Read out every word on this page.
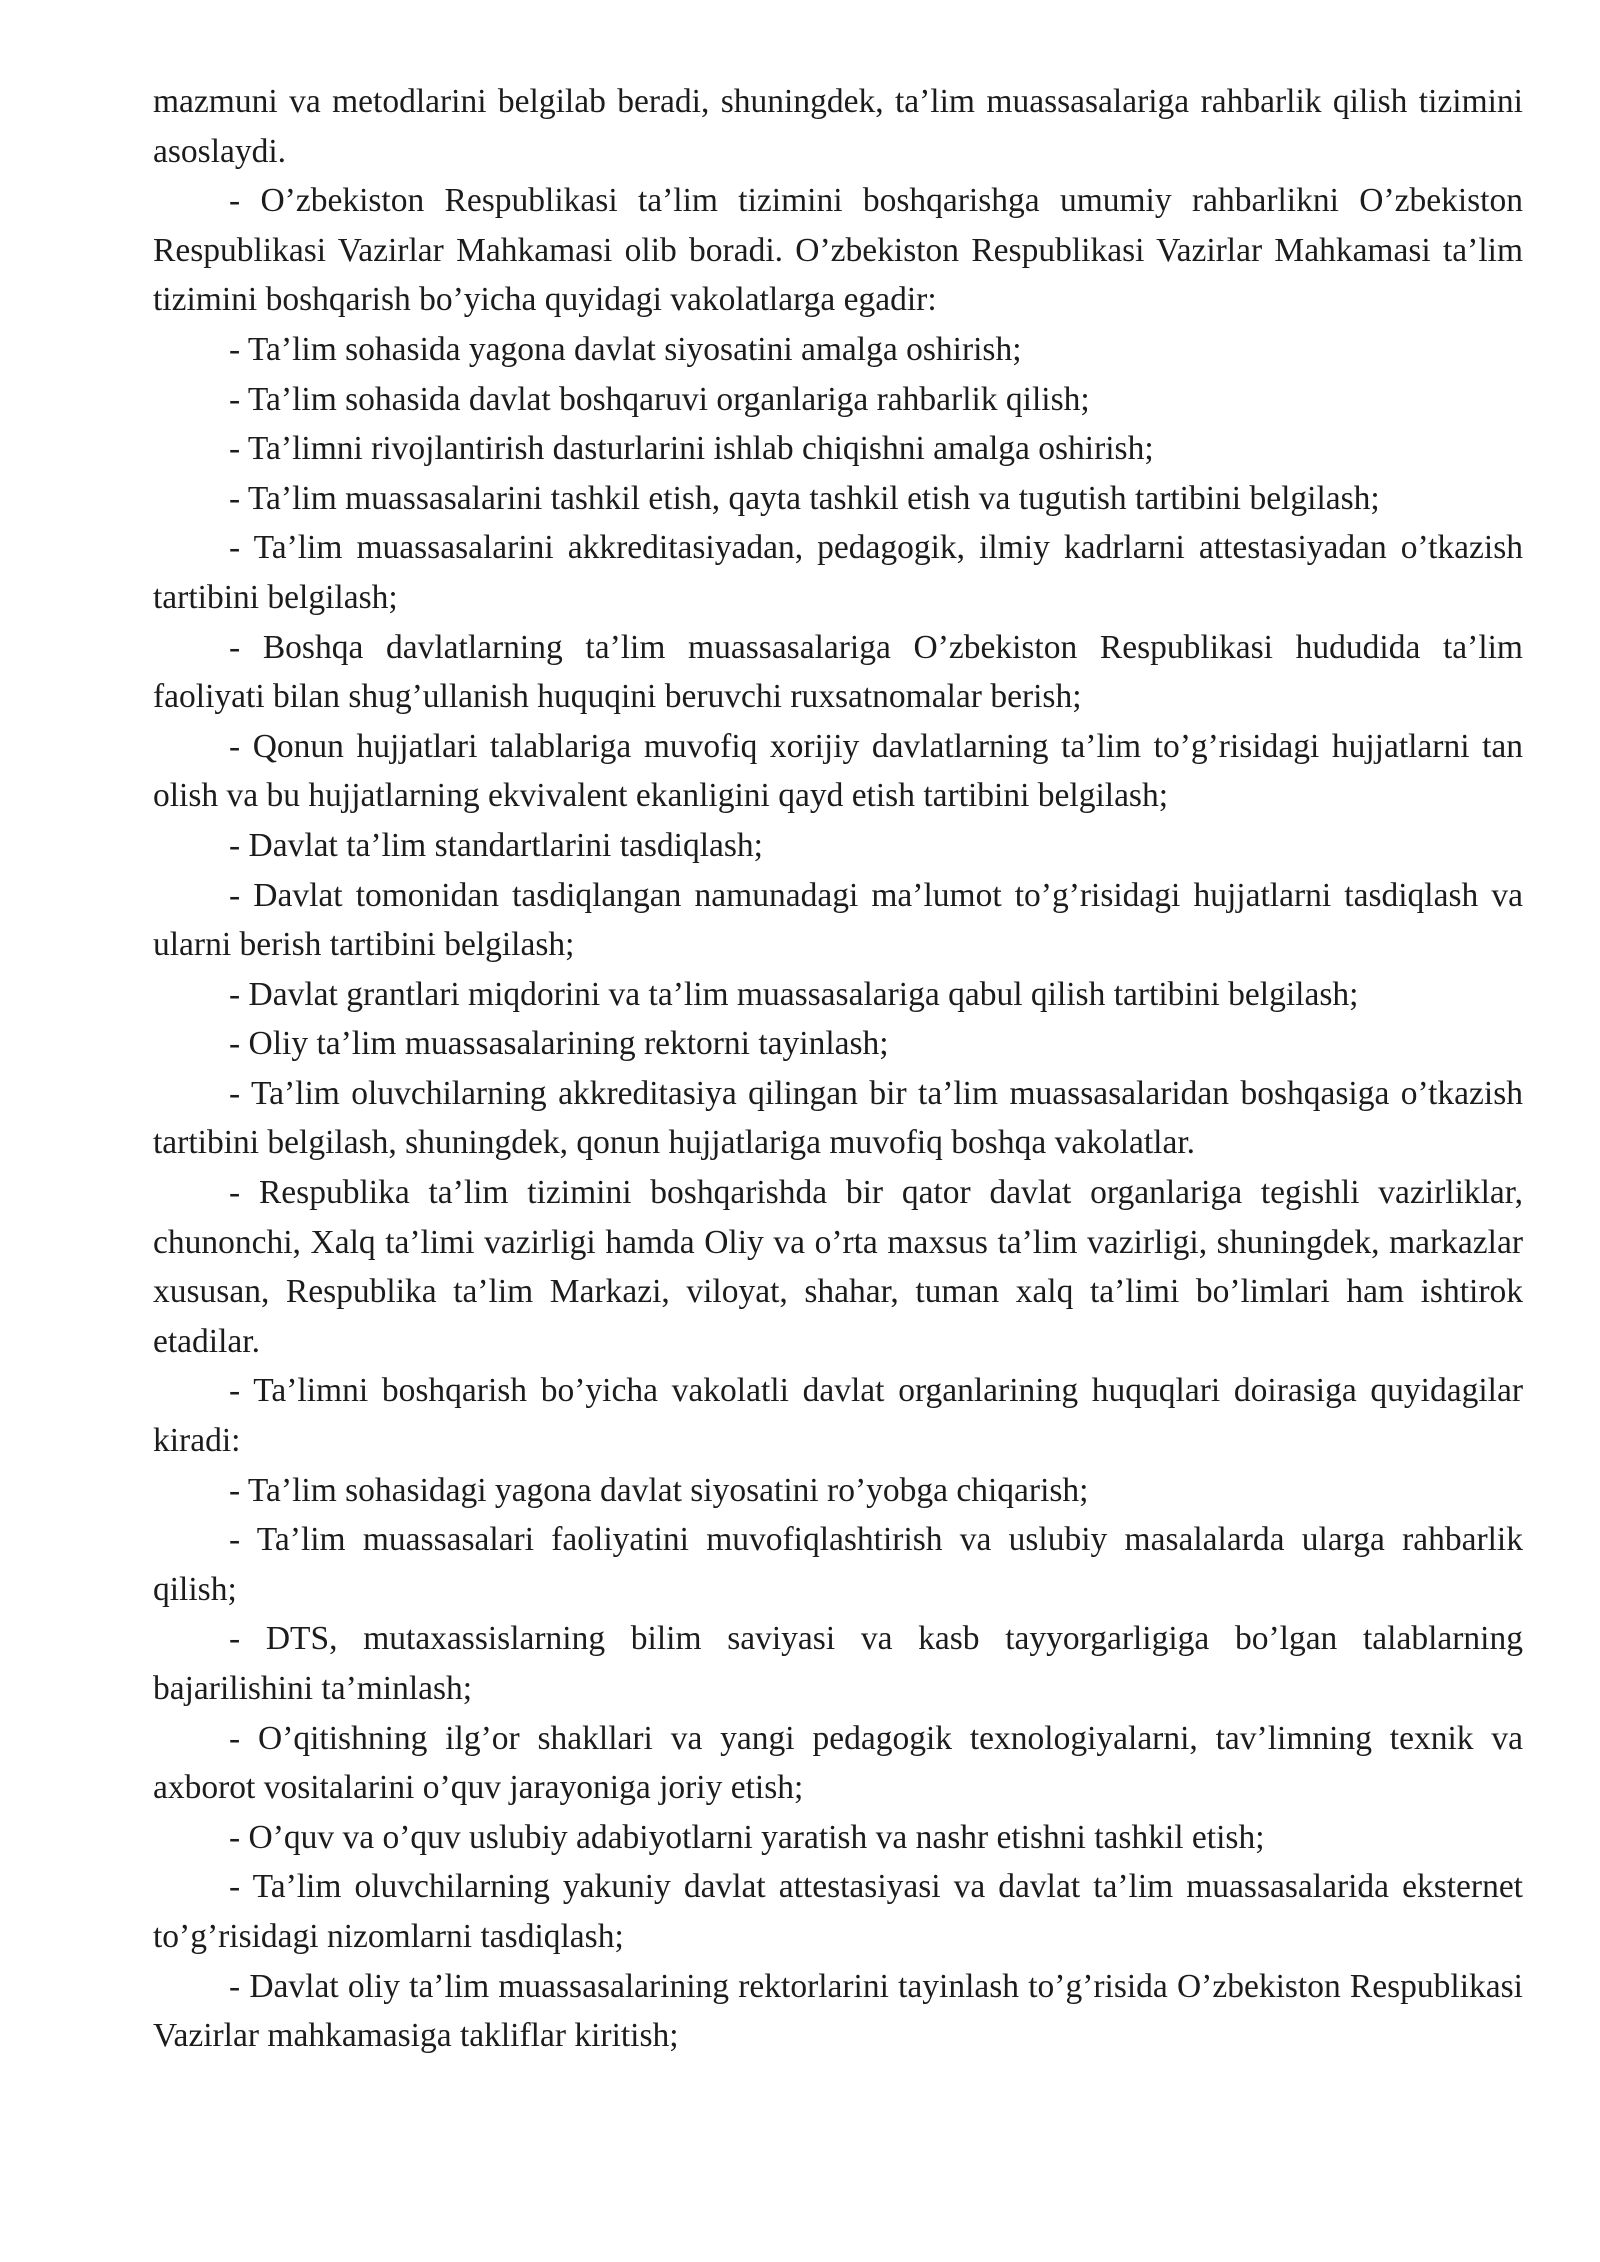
mazmuni va metodlarini belgilab beradi, shuningdek, ta’lim muassasalariga rahbarlik qilish tizimini asoslaydi.

- O’zbekiston Respublikasi ta’lim tizimini boshqarishga umumiy rahbarlikni O’zbekiston Respublikasi Vazirlar Mahkamasi olib boradi. O’zbekiston Respublikasi Vazirlar Mahkamasi ta’lim tizimini boshqarish bo’yicha quyidagi vakolatlarga egadir:

- Ta’lim sohasida yagona davlat siyosatini amalga oshirish;

- Ta’lim sohasida davlat boshqaruvi organlariga rahbarlik qilish;

- Ta’limni rivojlantirish dasturlarini ishlab chiqishni amalga oshirish;

- Ta’lim muassasalarini tashkil etish, qayta tashkil etish va tugutish tartibini belgilash;

- Ta’lim muassasalarini akkreditasiyadan, pedagogik, ilmiy kadrlarni attestasiyadan o’tkazish tartibini belgilash;

- Boshqa davlatlarning ta’lim muassasalariga O’zbekiston Respublikasi hududida ta’lim faoliyati bilan shug’ullanish huquqini beruvchi ruxsatnomalar berish;

- Qonun hujjatlari talablariga muvofiq xorijiy davlatlarning ta’lim to’g’risidagi hujjatlarni tan olish va bu hujjatlarning ekvivalent ekanligini qayd etish tartibini belgilash;

- Davlat ta’lim standartlarini tasdiqlash;

- Davlat tomonidan tasdiqlangan namunadagi ma’lumot to’g’risidagi hujjatlarni tasdiqlash va ularni berish tartibini belgilash;

- Davlat grantlari miqdorini va ta’lim muassasalariga qabul qilish tartibini belgilash;

- Oliy ta’lim muassasalarining rektorni tayinlash;

- Ta’lim oluvchilarning akkreditasiya qilingan bir ta’lim muassasalaridan boshqasiga o’tkazish tartibini belgilash, shuningdek, qonun hujjatlariga muvofiq boshqa vakolatlar.

- Respublika ta’lim tizimini boshqarishda bir qator davlat organlariga tegishli vazirliklar, chunonchi, Xalq ta’limi vazirligi hamda Oliy va o’rta maxsus ta’lim vazirligi, shuningdek, markazlar xususan, Respublika ta’lim Markazi, viloyat, shahar, tuman xalq ta’limi bo’limlari ham ishtirok etadilar.

- Ta’limni boshqarish bo’yicha vakolatli davlat organlarining huquqlari doirasiga quyidagilar kiradi:

- Ta’lim sohasidagi yagona davlat siyosatini ro’yobga chiqarish;

- Ta’lim muassasalari faoliyatini muvofiqlashtirish va uslubiy masalalarda ularga rahbarlik qilish;

- DTS, mutaxassislarning bilim saviyasi va kasb tayyorgarligiga bo’lgan talablarning bajarilishini ta’minlash;

- O’qitishning ilg’or shakllari va yangi pedagogik texnologiyalarni, tav’limning texnik va axborot vositalarini o’quv jarayoniga joriy etish;

- O’quv va o’quv uslubiy adabiyotlarni yaratish va nashr etishni tashkil etish;

- Ta’lim oluvchilarning yakuniy davlat attestasiyasi va davlat ta’lim muassasalarida eksternet to’g’risidagi nizomlarni tasdiqlash;

- Davlat oliy ta’lim muassasalarining rektorlarini tayinlash to’g’risida O’zbekiston Respublikasi Vazirlar mahkamasiga takliflar kiritish;
